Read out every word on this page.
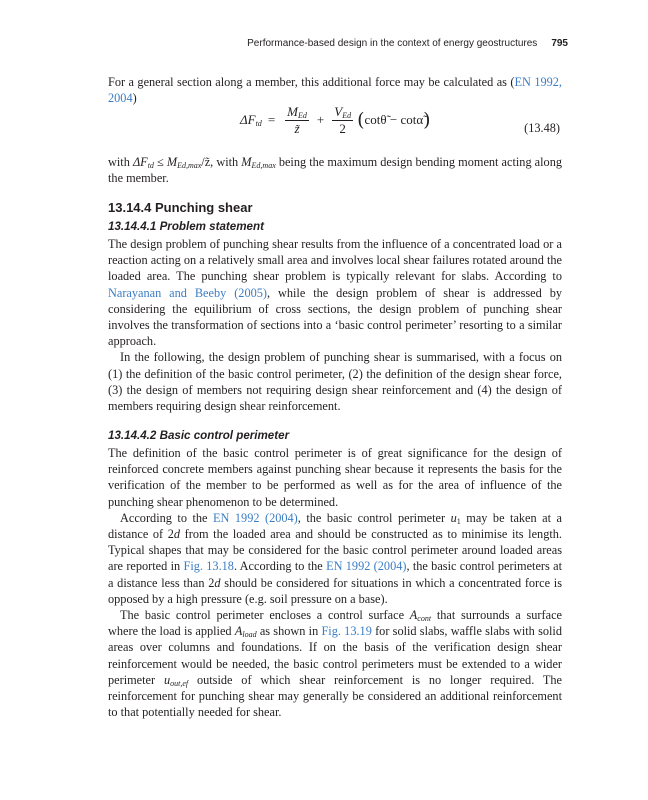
Performance-based design in the context of energy geostructures 795

For a general section along a member, this additional force may be calculated as (EN 1992, 2004)

$\Delta F_{td} = \frac{M_{Ed}}{z̃} + \frac{V_{Ed}}{2}$ ( cotθ̃ − cotα̃ )	(13.48)

with $\Delta F_{td}$ ≤ $M_{Ed,max}/z̃$, with $M_{Ed,max}$ being the maximum design bending moment acting along the member.

13.14.4 Punching shear
13.14.4.1 Problem statement

The design problem of punching shear results from the influence of a concentrated load or a reaction acting on a relatively small area and involves local shear failures rotated around the loaded area. The punching shear problem is typically relevant for slabs. According to Narayanan and Beeby (2005), while the design problem of shear is addressed by considering the equilibrium of cross sections, the design problem of punching shear involves the transformation of sections into a ‘basic control perimeter’ resorting to a similar approach.

In the following, the design problem of punching shear is summarised, with a focus on (1) the definition of the basic control perimeter, (2) the definition of the design shear force, (3) the design of members not requiring design shear reinforcement and (4) the design of members requiring design shear reinforcement.

13.14.4.2 Basic control perimeter

The definition of the basic control perimeter is of great significance for the design of reinforced concrete members against punching shear because it represents the basis for the verification of the member to be performed as well as for the area of influence of the punching shear phenomenon to be determined.

According to the EN 1992 (2004), the basic control perimeter $u_1$ may be taken at a distance of 2d from the loaded area and should be constructed as to minimise its length. Typical shapes that may be considered for the basic control perimeter around loaded areas are reported in Fig. 13.18. According to the EN 1992 (2004), the basic control perimeters at a distance less than 2d should be considered for situations in which a concentrated force is opposed by a high pressure (e.g. soil pressure on a base).

The basic control perimeter encloses a control surface $A_{cont}$ that surrounds a surface where the load is applied $A_{load}$ as shown in Fig. 13.19 for solid slabs, waffle slabs with solid areas over columns and foundations. If on the basis of the verification design shear reinforcement would be needed, the basic control perimeters must be extended to a wider perimeter $u_{out,ef}$ outside of which shear reinforcement is no longer required. The reinforcement for punching shear may generally be considered an additional reinforcement to that potentially needed for shear.
